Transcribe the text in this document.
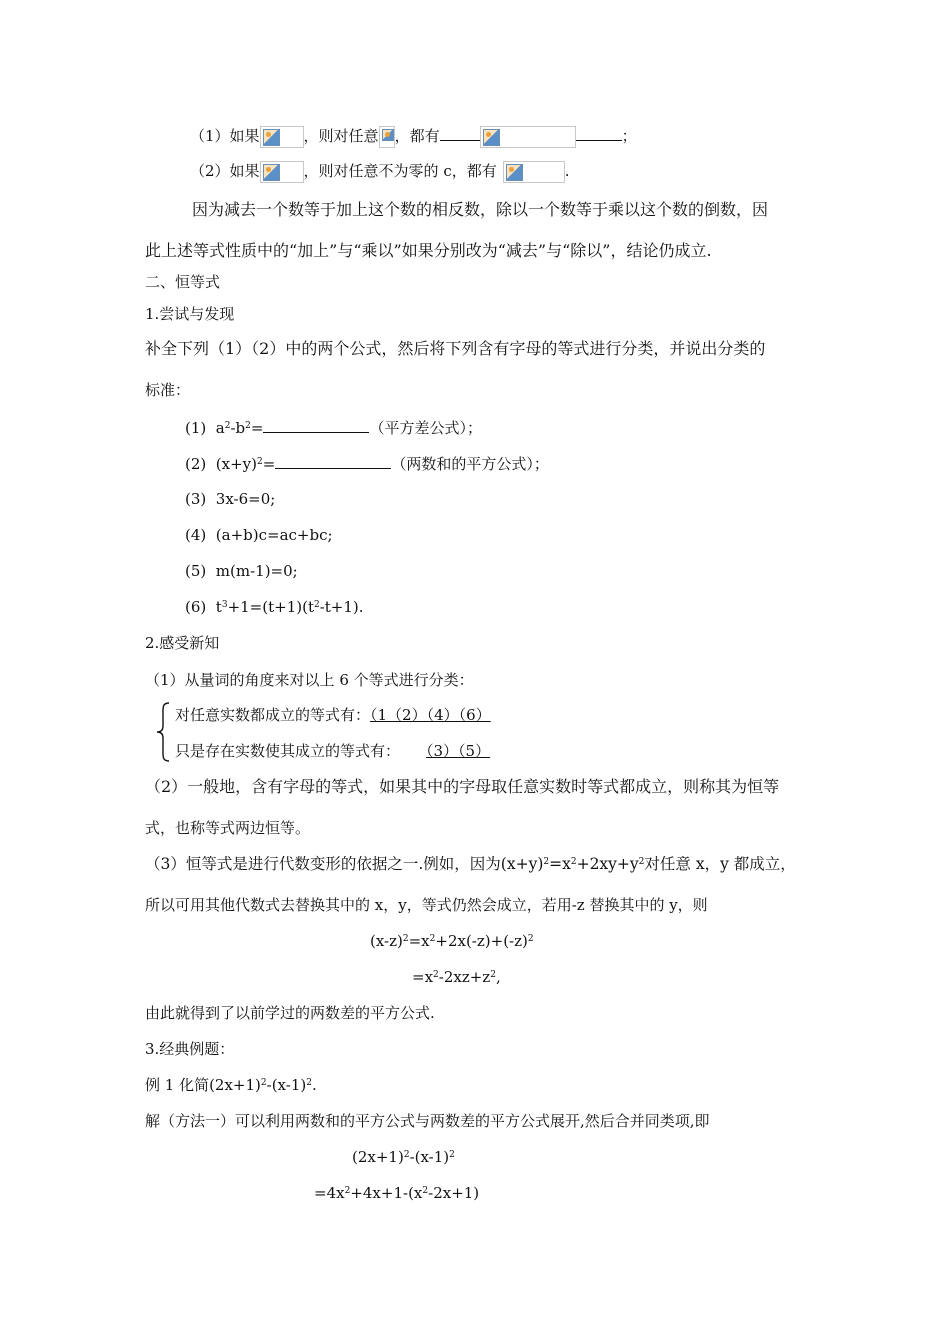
（1）如果	，则对任意 ，都有	；
（2）如果	，则对任意不为零的 c，都有	.
因为减去一个数等于加上这个数的相反数，除以一个数等于乘以这个数的倒数，因
此上述等式性质中的“加上”与“乘以”如果分别改为“减去”与“除以”，结论仍成立.
二、恒等式
1.尝试与发现
补全下列（1）（2）中的两个公式，然后将下列含有字母的等式进行分类，并说出分类的
标准：
(1) $a^2-b^2=$	（平方差公式）；
(2) $(x+y)^2=$	（两数和的平方公式）；
(3) 3x-6=0;
(4) (a+b)c=ac+bc;
(5) m(m-1)=0;
(6) $t^3+1=(t+1)(t^2-t+1)$.
2.感受新知
（1）从量词的角度来对以上 6 个等式进行分类：
对任意实数都成立的等式有：（1（2）（4）（6）
只是存在实数使其成立的等式有： （3）（5）
（2）一般地，含有字母的等式，如果其中的字母取任意实数时等式都成立，则称其为恒等
式，也称等式两边恒等。
（3）恒等式是进行代数变形的依据之一.例如，因为$(x+y)^2=x^2+2xy+y^2$对任意 x，y 都成立，
所以可用其他代数式去替换其中的 x，y，等式仍然会成立，若用-z 替换其中的 y，则
$(x-z)^2=x^2+2x(-z)+(-z)^2$
$=x^2-2xz+z^2$,
由此就得到了以前学过的两数差的平方公式.
3.经典例题：
例 1 化简$(2x+1)^2-(x-1)^2$.
解（方法一）可以利用两数和的平方公式与两数差的平方公式展开,然后合并同类项,即
$(2x+1)^2-(x-1)^2$
$=4x^2+4x+1-(x^2-2x+1)$
